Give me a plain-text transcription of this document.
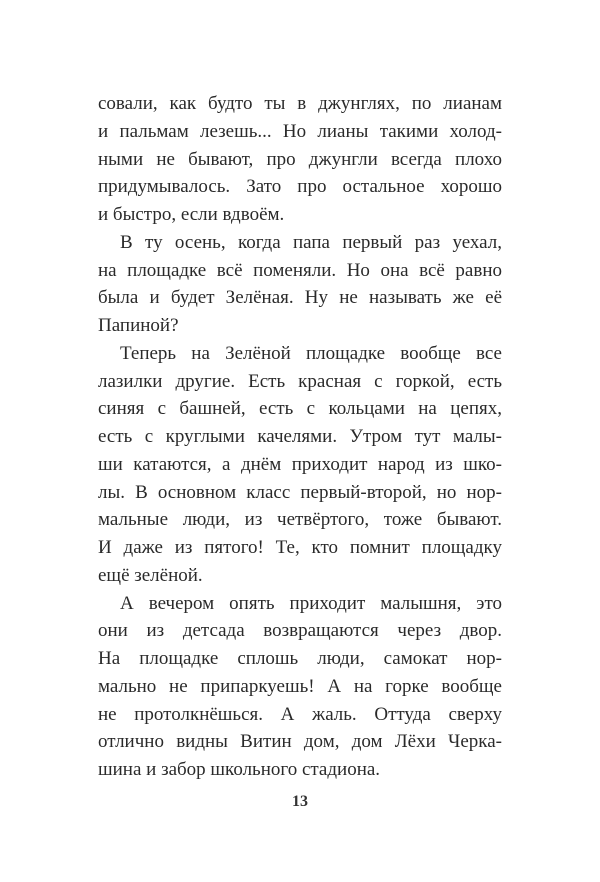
совали, как будто ты в джунглях, по лианам
и пальмам лезешь... Но лианы такими холод-
ными не бывают, про джунгли всегда плохо
придумывалось. Зато про остальное хорошо
и быстро, если вдвоём.
В ту осень, когда папа первый раз уехал,
на площадке всё поменяли. Но она всё равно
была и будет Зелёная. Ну не называть же её
Папиной?
Теперь на Зелёной площадке вообще все
лазилки другие. Есть красная с горкой, есть
синяя с башней, есть с кольцами на цепях,
есть с круглыми качелями. Утром тут малы-
ши катаются, а днём приходит народ из шко-
лы. В основном класс первый-второй, но нор-
мальные люди, из четвёртого, тоже бывают.
И даже из пятого! Те, кто помнит площадку
ещё зелёной.
А вечером опять приходит малышня, это
они из детсада возвращаются через двор.
На площадке сплошь люди, самокат нор-
мально не припаркуешь! А на горке вообще
не протолкнёшься. А жаль. Оттуда сверху
отлично видны Витин дом, дом Лёхи Черка-
шина и забор школьного стадиона.
13
